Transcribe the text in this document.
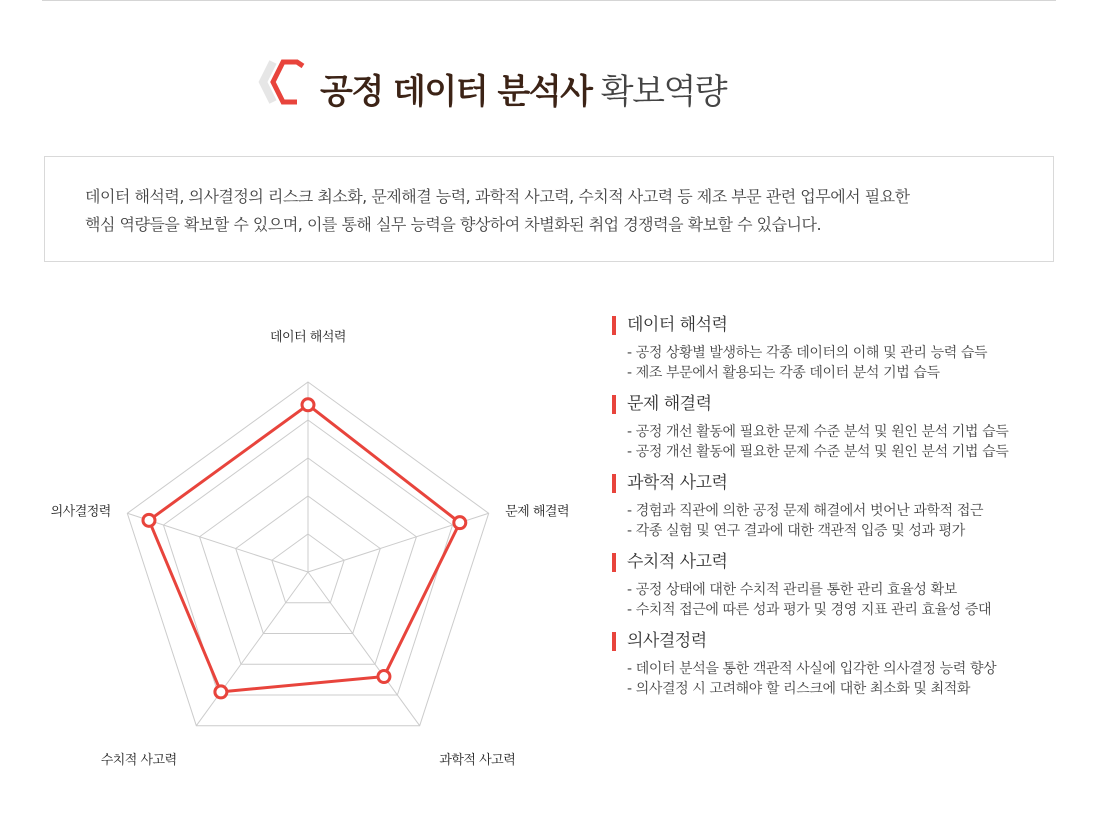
공정 데이터 분석사 확보역량

데이터 해석력, 의사결정의 리스크 최소화, 문제해결 능력, 과학적 사고력, 수치적 사고력 등 제조 부문 관련 업무에서 필요한

핵심 역량들을 확보할 수 있으며, 이를 통해 실무 능력을 향상하여 차별화된 취업 경쟁력을 확보할 수 있습니다.

데이터 해석력
문제 해결력
과학적 사고력
수치적 사고력
의사결정력
데이터 해석력
- 공정 상황별 발생하는 각종 데이터의 이해 및 관리 능력 습득
- 제조 부문에서 활용되는 각종 데이터 분석 기법 습득
문제 해결력
- 공정 개선 활동에 필요한 문제 수준 분석 및 원인 분석 기법 습득
- 공정 개선 활동에 필요한 문제 수준 분석 및 원인 분석 기법 습득
과학적 사고력
- 경험과 직관에 의한 공정 문제 해결에서 벗어난 과학적 접근
- 각종 실험 및 연구 결과에 대한 객관적 입증 및 성과 평가
수치적 사고력
- 공정 상태에 대한 수치적 관리를 통한 관리 효율성 확보
- 수치적 접근에 따른 성과 평가 및 경영 지표 관리 효율성 증대
의사결정력
- 데이터 분석을 통한 객관적 사실에 입각한 의사결정 능력 향상
- 의사결정 시 고려해야 할 리스크에 대한 최소화 및 최적화
